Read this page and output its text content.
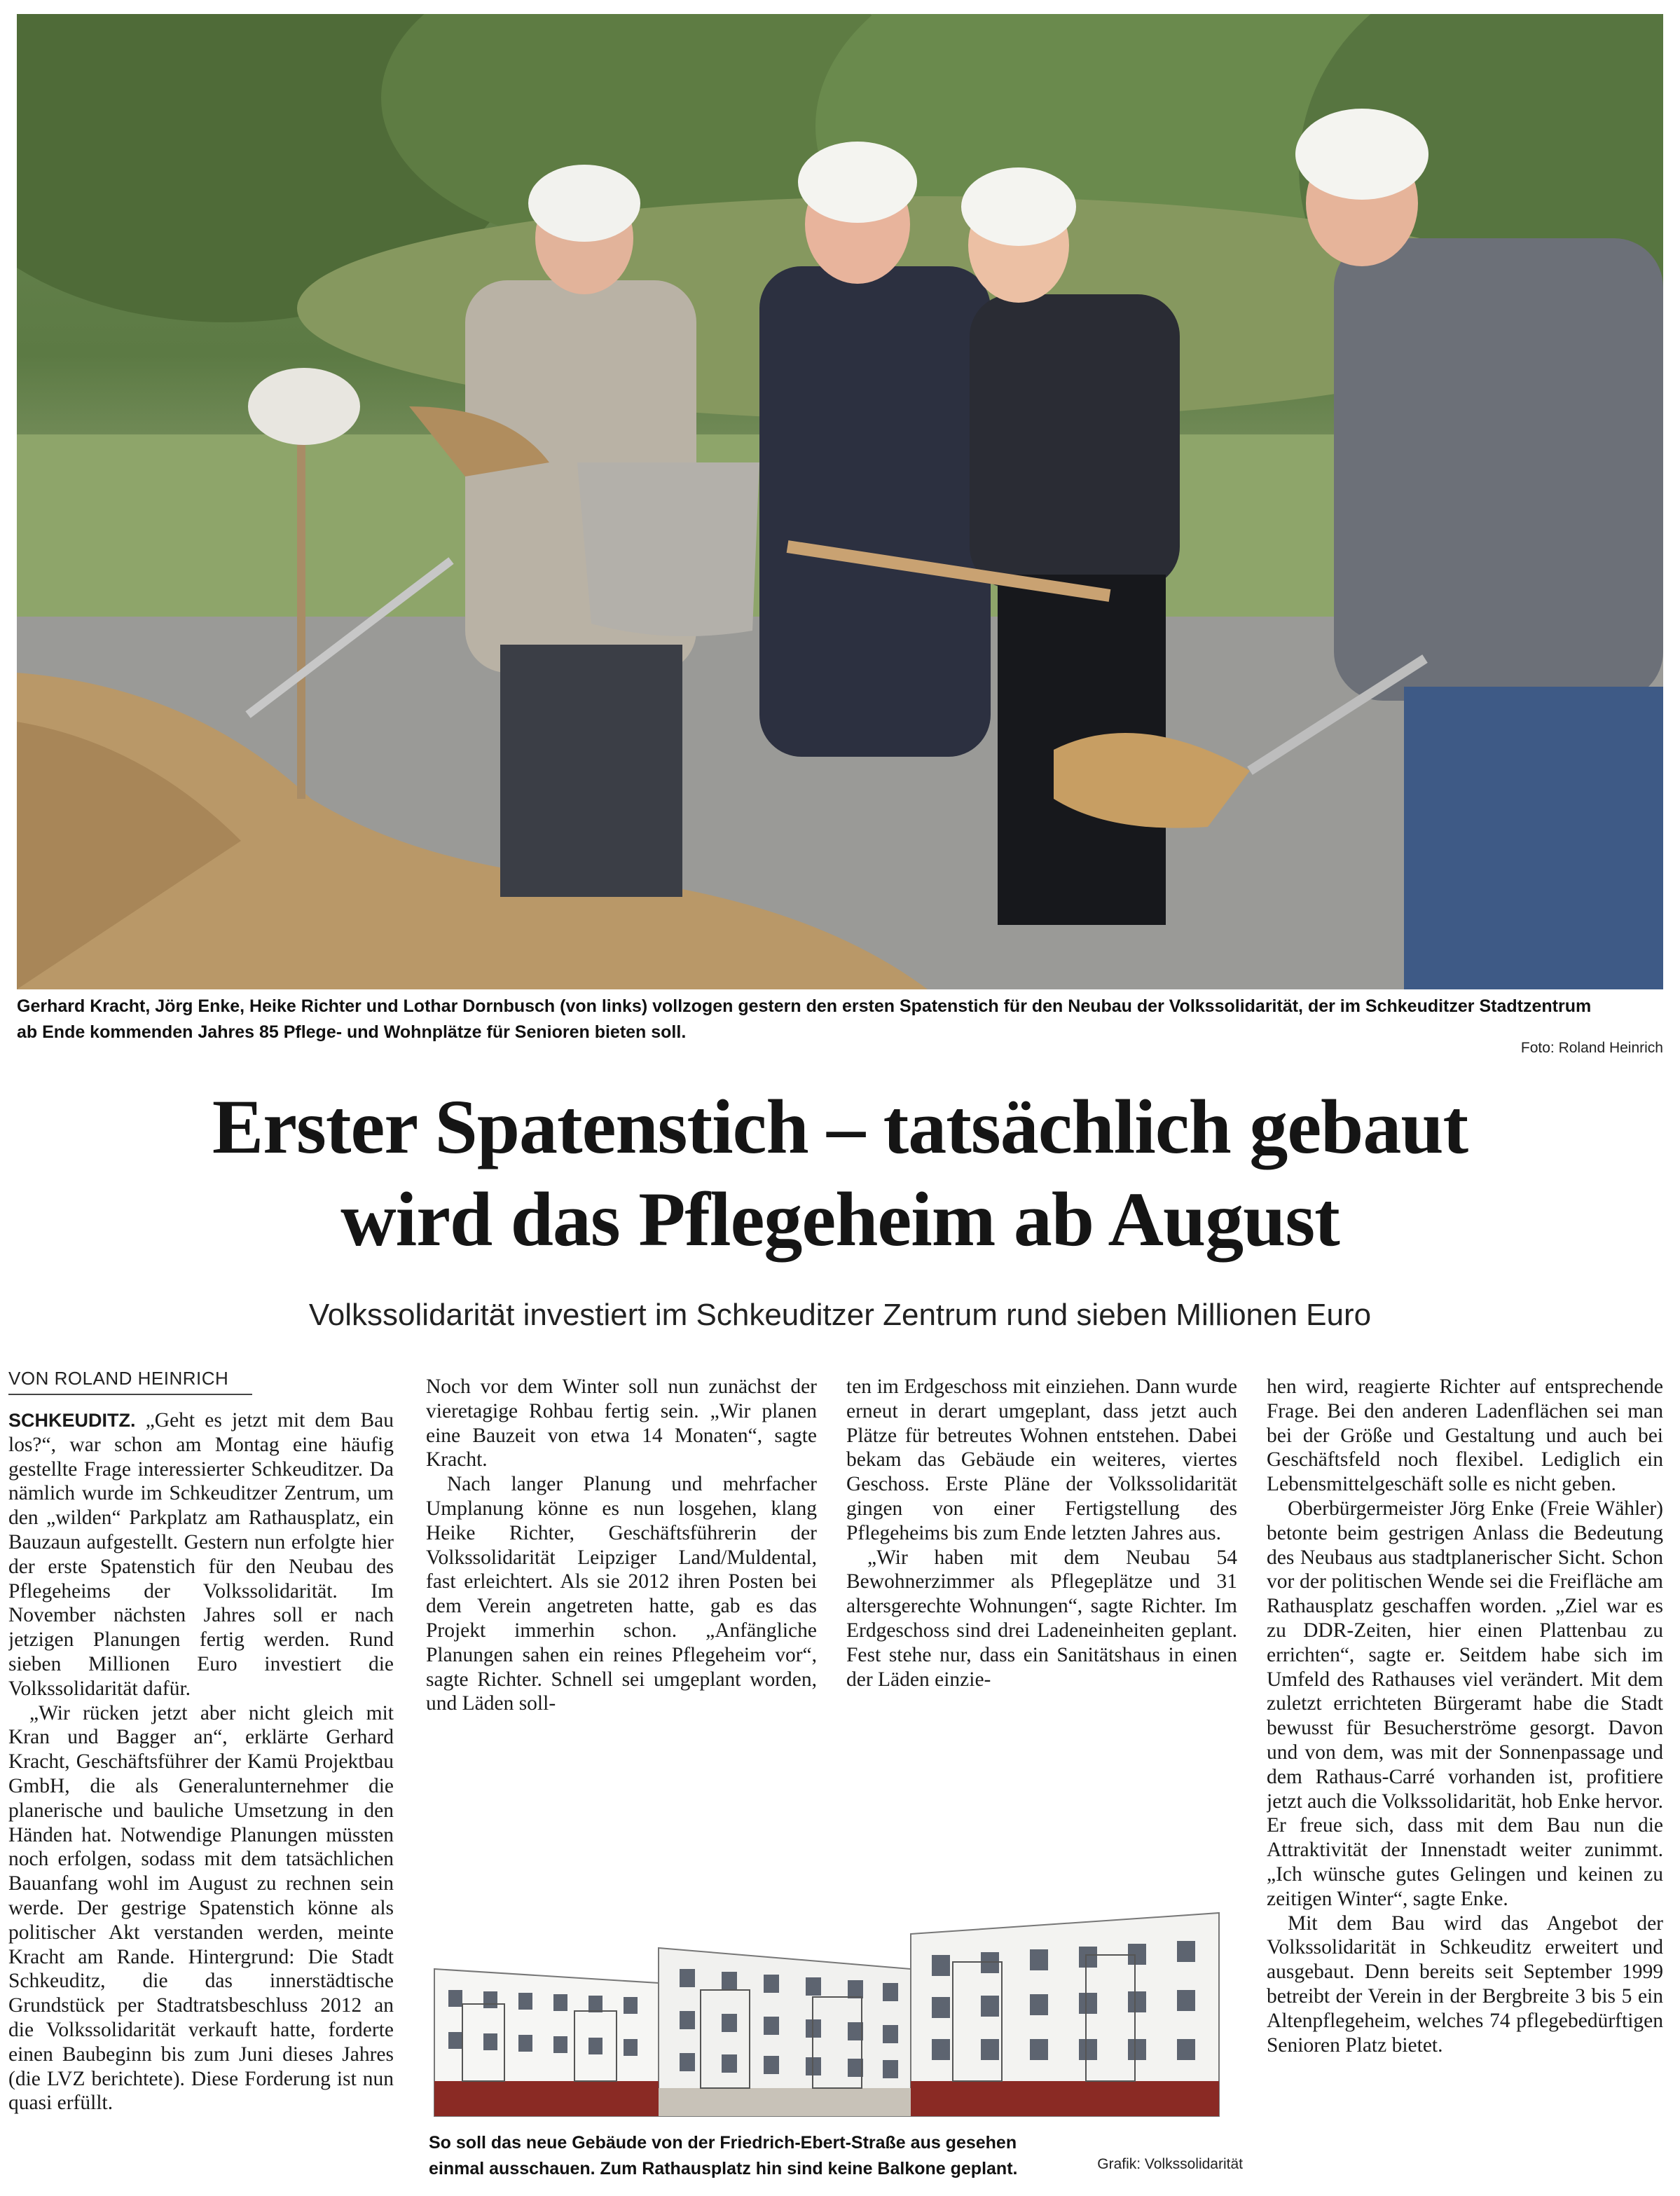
Gerhard Kracht, Jörg Enke, Heike Richter und Lothar Dornbusch (von links) vollzogen gestern den ersten Spatenstich für den Neubau der Volkssolidarität, der im Schkeuditzer Stadtzentrum ab Ende kommenden Jahres 85 Pflege- und Wohnplätze für Senioren bieten soll.
Foto: Roland Heinrich
Erster Spatenstich – tatsächlich gebaut
wird das Pflegeheim ab August
Volkssolidarität investiert im Schkeuditzer Zentrum rund sieben Millionen Euro
VON ROLAND HEINRICH

SCHKEUDITZ. „Geht es jetzt mit dem Bau los?“, war schon am Montag eine häufig gestellte Frage interessierter Schkeuditzer. Da nämlich wurde im Schkeuditzer Zentrum, um den „wilden“ Parkplatz am Rathausplatz, ein Bauzaun aufgestellt. Gestern nun erfolgte hier der erste Spatenstich für den Neubau des Pflegeheims der Volkssolidarität. Im November nächsten Jahres soll er nach jetzigen Planungen fertig werden. Rund sieben Millionen Euro investiert die Volkssolidarität dafür.

„Wir rücken jetzt aber nicht gleich mit Kran und Bagger an“, erklärte Gerhard Kracht, Geschäftsführer der Kamü Projektbau GmbH, die als Generalunternehmer die planerische und bauliche Umsetzung in den Händen hat. Notwendige Planungen müssten noch erfolgen, sodass mit dem tatsächlichen Bauanfang wohl im August zu rechnen sein werde. Der gestrige Spatenstich könne als politischer Akt verstanden werden, meinte Kracht am Rande. Hintergrund: Die Stadt Schkeuditz, die das innerstädtische Grundstück per Stadtratsbeschluss 2012 an die Volkssolidarität verkauft hatte, forderte einen Baubeginn bis zum Juni dieses Jahres (die LVZ berichtete). Diese Forderung ist nun quasi erfüllt.

Noch vor dem Winter soll nun zunächst der vieretagige Rohbau fertig sein. „Wir planen eine Bauzeit von etwa 14 Monaten“, sagte Kracht.

Nach langer Planung und mehrfacher Umplanung könne es nun losgehen, klang Heike Richter, Geschäftsführerin der Volkssolidarität Leipziger Land/Muldental, fast erleichtert. Als sie 2012 ihren Posten bei dem Verein angetreten hatte, gab es das Projekt immerhin schon. „Anfängliche Planungen sahen ein reines Pflegeheim vor“, sagte Richter. Schnell sei umgeplant worden, und Läden soll-

ten im Erdgeschoss mit einziehen. Dann wurde erneut in derart umgeplant, dass jetzt auch Plätze für betreutes Wohnen entstehen. Dabei bekam das Gebäude ein weiteres, viertes Geschoss. Erste Pläne der Volkssolidarität gingen von einer Fertigstellung des Pflegeheims bis zum Ende letzten Jahres aus.

„Wir haben mit dem Neubau 54 Bewohnerzimmer als Pflegeplätze und 31 altersgerechte Wohnungen“, sagte Richter. Im Erdgeschoss sind drei Ladeneinheiten geplant. Fest stehe nur, dass ein Sanitätshaus in einen der Läden einzie-

hen wird, reagierte Richter auf entsprechende Frage. Bei den anderen Ladenflächen sei man bei der Größe und Gestaltung und auch bei Geschäftsfeld noch flexibel. Lediglich ein Lebensmittelgeschäft solle es nicht geben.

Oberbürgermeister Jörg Enke (Freie Wähler) betonte beim gestrigen Anlass die Bedeutung des Neubaus aus stadtplanerischer Sicht. Schon vor der politischen Wende sei die Freifläche am Rathausplatz geschaffen worden. „Ziel war es zu DDR-Zeiten, hier einen Plattenbau zu errichten“, sagte er. Seitdem habe sich im Umfeld des Rathauses viel verändert. Mit dem zuletzt errichteten Bürgeramt habe die Stadt bewusst für Besucherströme gesorgt. Davon und von dem, was mit der Sonnenpassage und dem Rathaus-Carré vorhanden ist, profitiere jetzt auch die Volkssolidarität, hob Enke hervor. Er freue sich, dass mit dem Bau nun die Attraktivität der Innenstadt weiter zunimmt. „Ich wünsche gutes Gelingen und keinen zu zeitigen Winter“, sagte Enke.

Mit dem Bau wird das Angebot der Volkssolidarität in Schkeuditz erweitert und ausgebaut. Denn bereits seit September 1999 betreibt der Verein in der Bergbreite 3 bis 5 ein Altenpflegeheim, welches 74 pflegebedürftigen Senioren Platz bietet.

So soll das neue Gebäude von der Friedrich-Ebert-Straße aus gesehen einmal ausschauen. Zum Rathausplatz hin sind keine Balkone geplant.	Grafik: Volkssolidarität
